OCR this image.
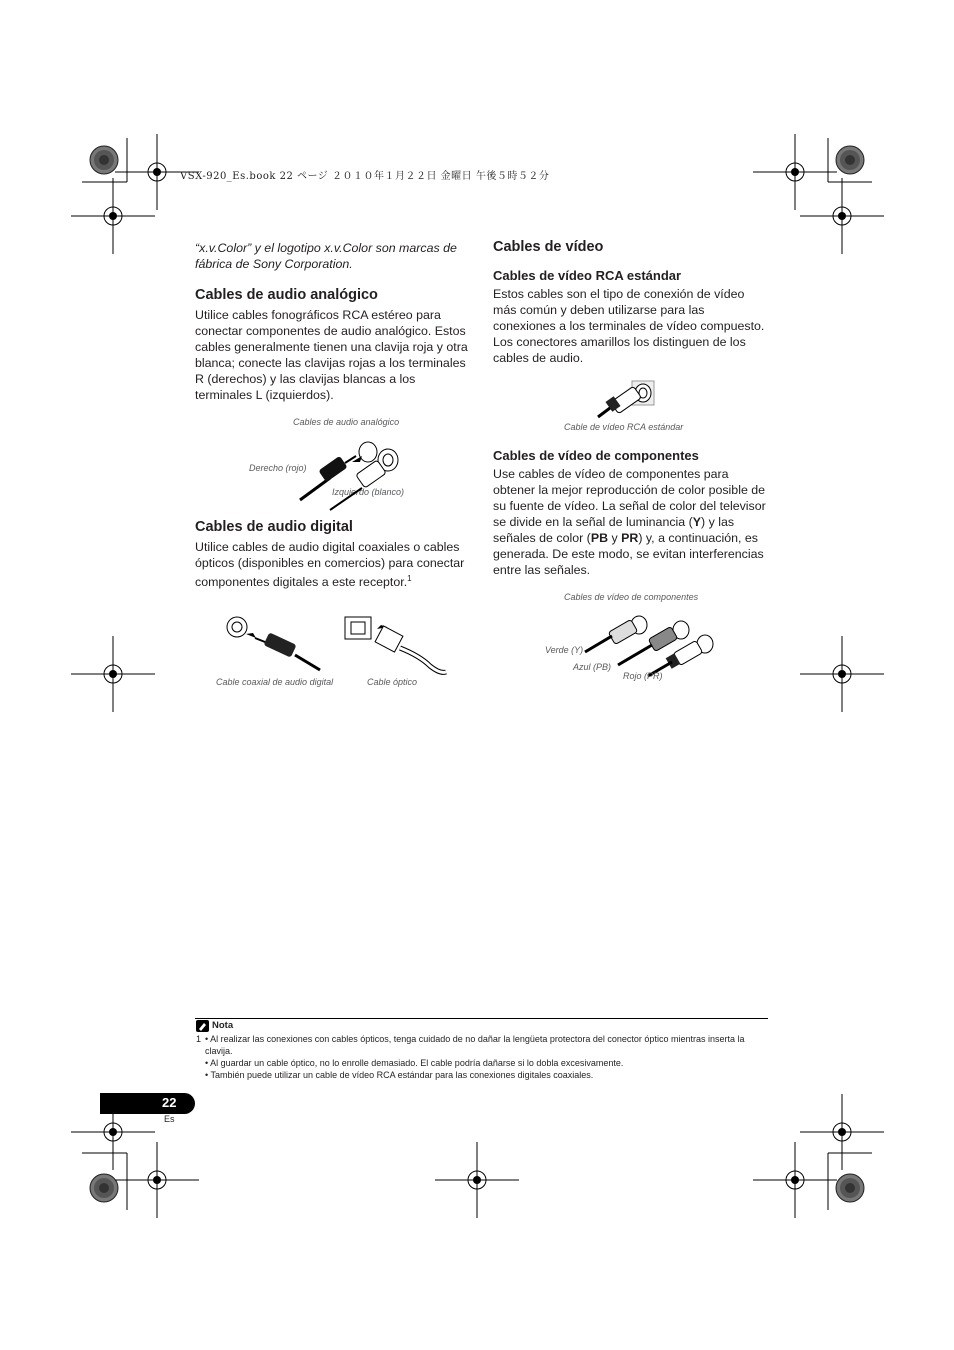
VSX-920_Es.book 22 ページ ２０１０年１月２２日 金曜日 午後５時５２分
“x.v.Color” y el logotipo x.v.Color son marcas de fábrica de Sony Corporation.
Cables de audio analógico
Utilice cables fonográficos RCA estéreo para conectar componentes de audio analógico. Estos cables generalmente tienen una clavija roja y otra blanca; conecte las clavijas rojas a los terminales R (derechos) y las clavijas blancas a los terminales L (izquierdos).
Cables de audio analógico
Derecho (rojo)
Izquierdo (blanco)
Cables de audio digital
Utilice cables de audio digital coaxiales o cables ópticos (disponibles en comercios) para conectar componentes digitales a este receptor.$^1$
Cable coaxial de audio digital	Cable óptico
Cables de vídeo
Cables de vídeo RCA estándar
Estos cables son el tipo de conexión de vídeo más común y deben utilizarse para las conexiones a los terminales de vídeo compuesto. Los conectores amarillos los distinguen de los cables de audio.
Cable de vídeo RCA estándar
Cables de vídeo de componentes
Use cables de vídeo de componentes para obtener la mejor reproducción de color posible de su fuente de vídeo. La señal de color del televisor se divide en la señal de luminancia (Y) y las señales de color (PB y PR) y, a continuación, es generada. De este modo, se evitan interferencias entre las señales.
Cables de vídeo de componentes
Verde (Y)
Azul (PB)
Rojo (PR)
Nota
1 • Al realizar las conexiones con cables ópticos, tenga cuidado de no dañar la lengüeta protectora del conector óptico mientras inserta la clavija.
• Al guardar un cable óptico, no lo enrolle demasiado. El cable podría dañarse si lo dobla excesivamente.
• También puede utilizar un cable de vídeo RCA estándar para las conexiones digitales coaxiales.
22
Es
